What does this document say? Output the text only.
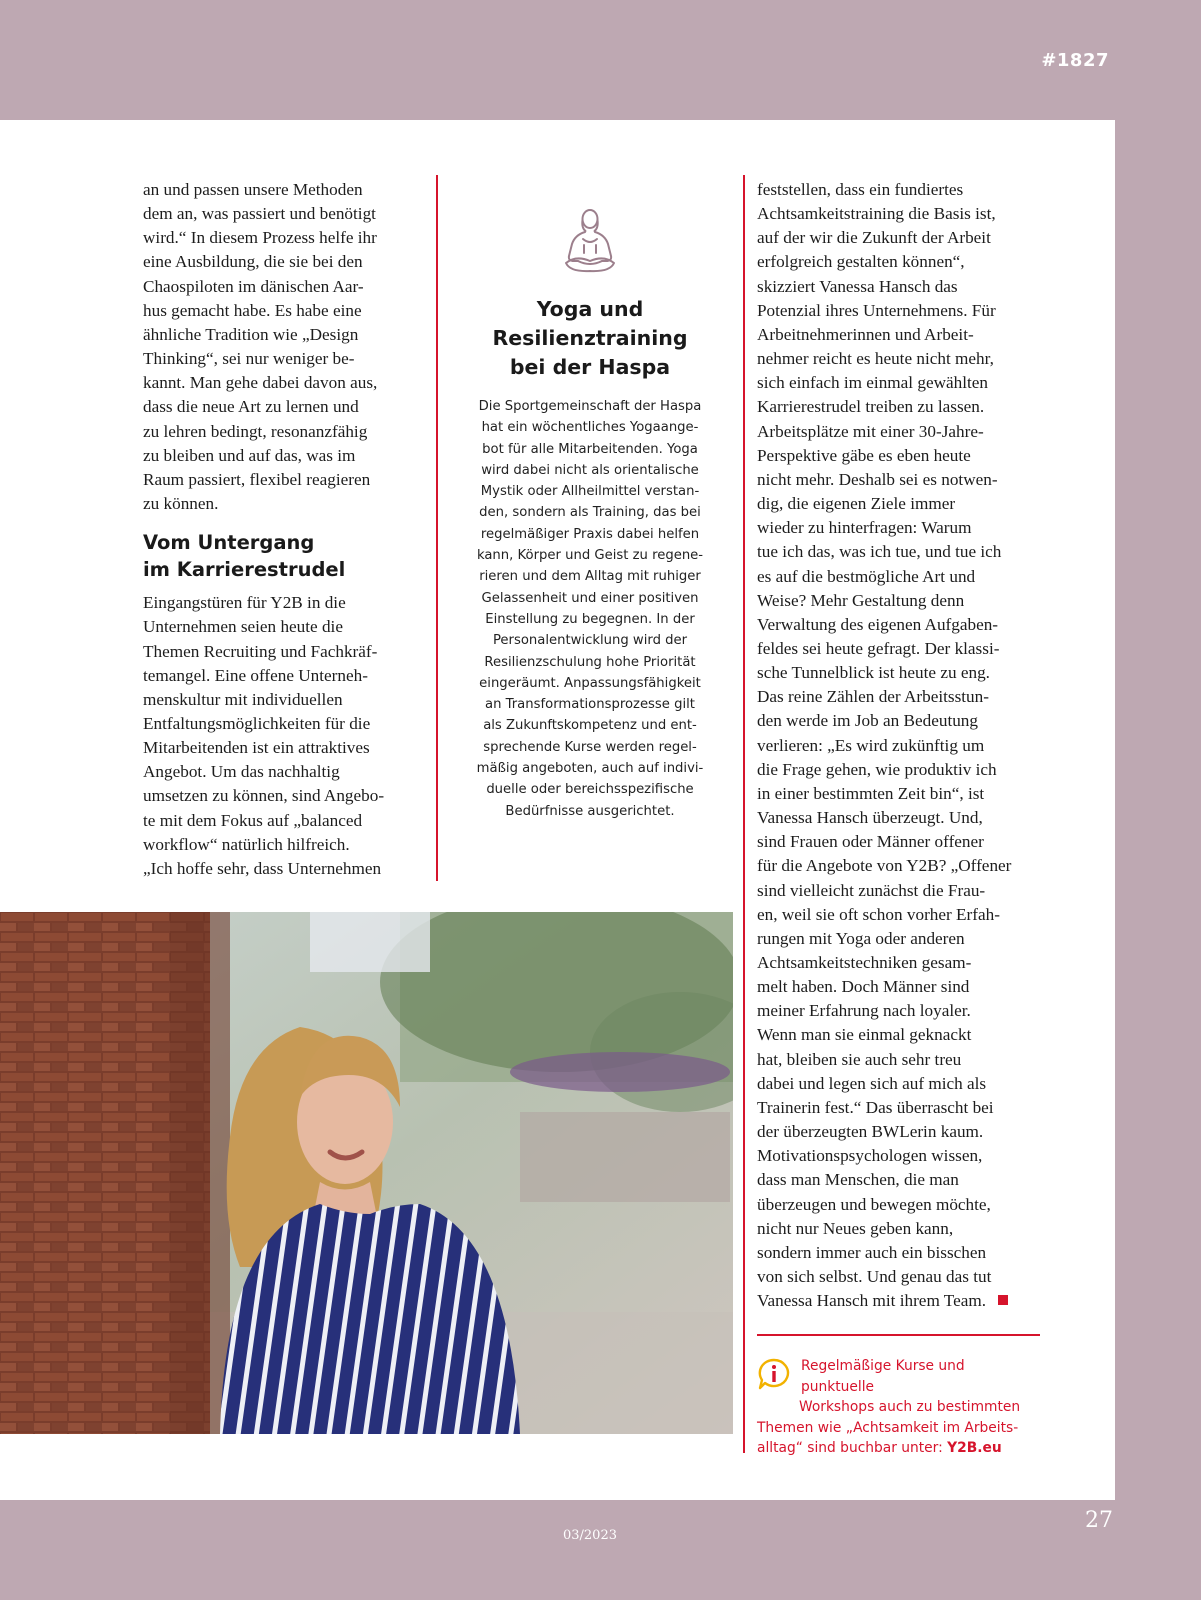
#1827

an und passen unsere Methoden
dem an, was passiert und benötigt
wird.“ In diesem Prozess helfe ihr
eine Ausbildung, die sie bei den
Chaospiloten im dänischen Aar-
hus gemacht habe. Es habe eine
ähnliche Tradition wie „Design
Thinking“, sei nur weniger be-
kannt. Man gehe dabei davon aus,
dass die neue Art zu lernen und
zu lehren bedingt, resonanzfähig
zu bleiben und auf das, was im
Raum passiert, flexibel reagieren
zu können.

Vom Untergang
im Karrierestrudel

Eingangstüren für Y2B in die
Unternehmen seien heute die
Themen Recruiting und Fachkräf-
temangel. Eine offene Unterneh-
menskultur mit individuellen
Entfaltungsmöglichkeiten für die
Mitarbeitenden ist ein attraktives
Angebot. Um das nachhaltig
umsetzen zu können, sind Angebo-
te mit dem Fokus auf „balanced
workflow“ natürlich hilfreich.
„Ich hoffe sehr, dass Unternehmen

Yoga und
Resilienztraining
bei der Haspa

Die Sportgemeinschaft der Haspa
hat ein wöchentliches Yogaange-
bot für alle Mitarbeitenden. Yoga
wird dabei nicht als orientalische
Mystik oder Allheilmittel verstan-
den, sondern als Training, das bei
regelmäßiger Praxis dabei helfen
kann, Körper und Geist zu regene-
rieren und dem Alltag mit ruhiger
Gelassenheit und einer positiven
Einstellung zu begegnen. In der
Personalentwicklung wird der
Resilienzschulung hohe Priorität
eingeräumt. Anpassungsfähigkeit
an Transformationsprozesse gilt
als Zukunftskompetenz und ent-
sprechende Kurse werden regel-
mäßig angeboten, auch auf indivi-
duelle oder bereichsspezifische
Bedürfnisse ausgerichtet.

feststellen, dass ein fundiertes
Achtsamkeitstraining die Basis ist,
auf der wir die Zukunft der Arbeit
erfolgreich gestalten können“,
skizziert Vanessa Hansch das
Potenzial ihres Unternehmens. Für
Arbeitnehmerinnen und Arbeit-
nehmer reicht es heute nicht mehr,
sich einfach im einmal gewählten
Karrierestrudel treiben zu lassen.
Arbeitsplätze mit einer 30-Jahre-
Perspektive gäbe es eben heute
nicht mehr. Deshalb sei es notwen-
dig, die eigenen Ziele immer
wieder zu hinterfragen: Warum
tue ich das, was ich tue, und tue ich
es auf die bestmögliche Art und
Weise? Mehr Gestaltung denn
Verwaltung des eigenen Aufgaben-
feldes sei heute gefragt. Der klassi-
sche Tunnelblick ist heute zu eng.
Das reine Zählen der Arbeitsstun-
den werde im Job an Bedeutung
verlieren: „Es wird zukünftig um
die Frage gehen, wie produktiv ich
in einer bestimmten Zeit bin“, ist
Vanessa Hansch überzeugt. Und,
sind Frauen oder Männer offener
für die Angebote von Y2B? „Offener
sind vielleicht zunächst die Frau-
en, weil sie oft schon vorher Erfah-
rungen mit Yoga oder anderen
Achtsamkeitstechniken gesam-
melt haben. Doch Männer sind
meiner Erfahrung nach loyaler.
Wenn man sie einmal geknackt
hat, bleiben sie auch sehr treu
dabei und legen sich auf mich als
Trainerin fest.“ Das überrascht bei
der überzeugten BWLerin kaum.
Motivationspsychologen wissen,
dass man Menschen, die man
überzeugen und bewegen möchte,
nicht nur Neues geben kann,
sondern immer auch ein bisschen
von sich selbst. Und genau das tut
Vanessa Hansch mit ihrem Team.

Regelmäßige Kurse und punktuelle
Workshops auch zu bestimmten
Themen wie „Achtsamkeit im Arbeits-
alltag“ sind buchbar unter: Y2B.eu

03/2023
27
